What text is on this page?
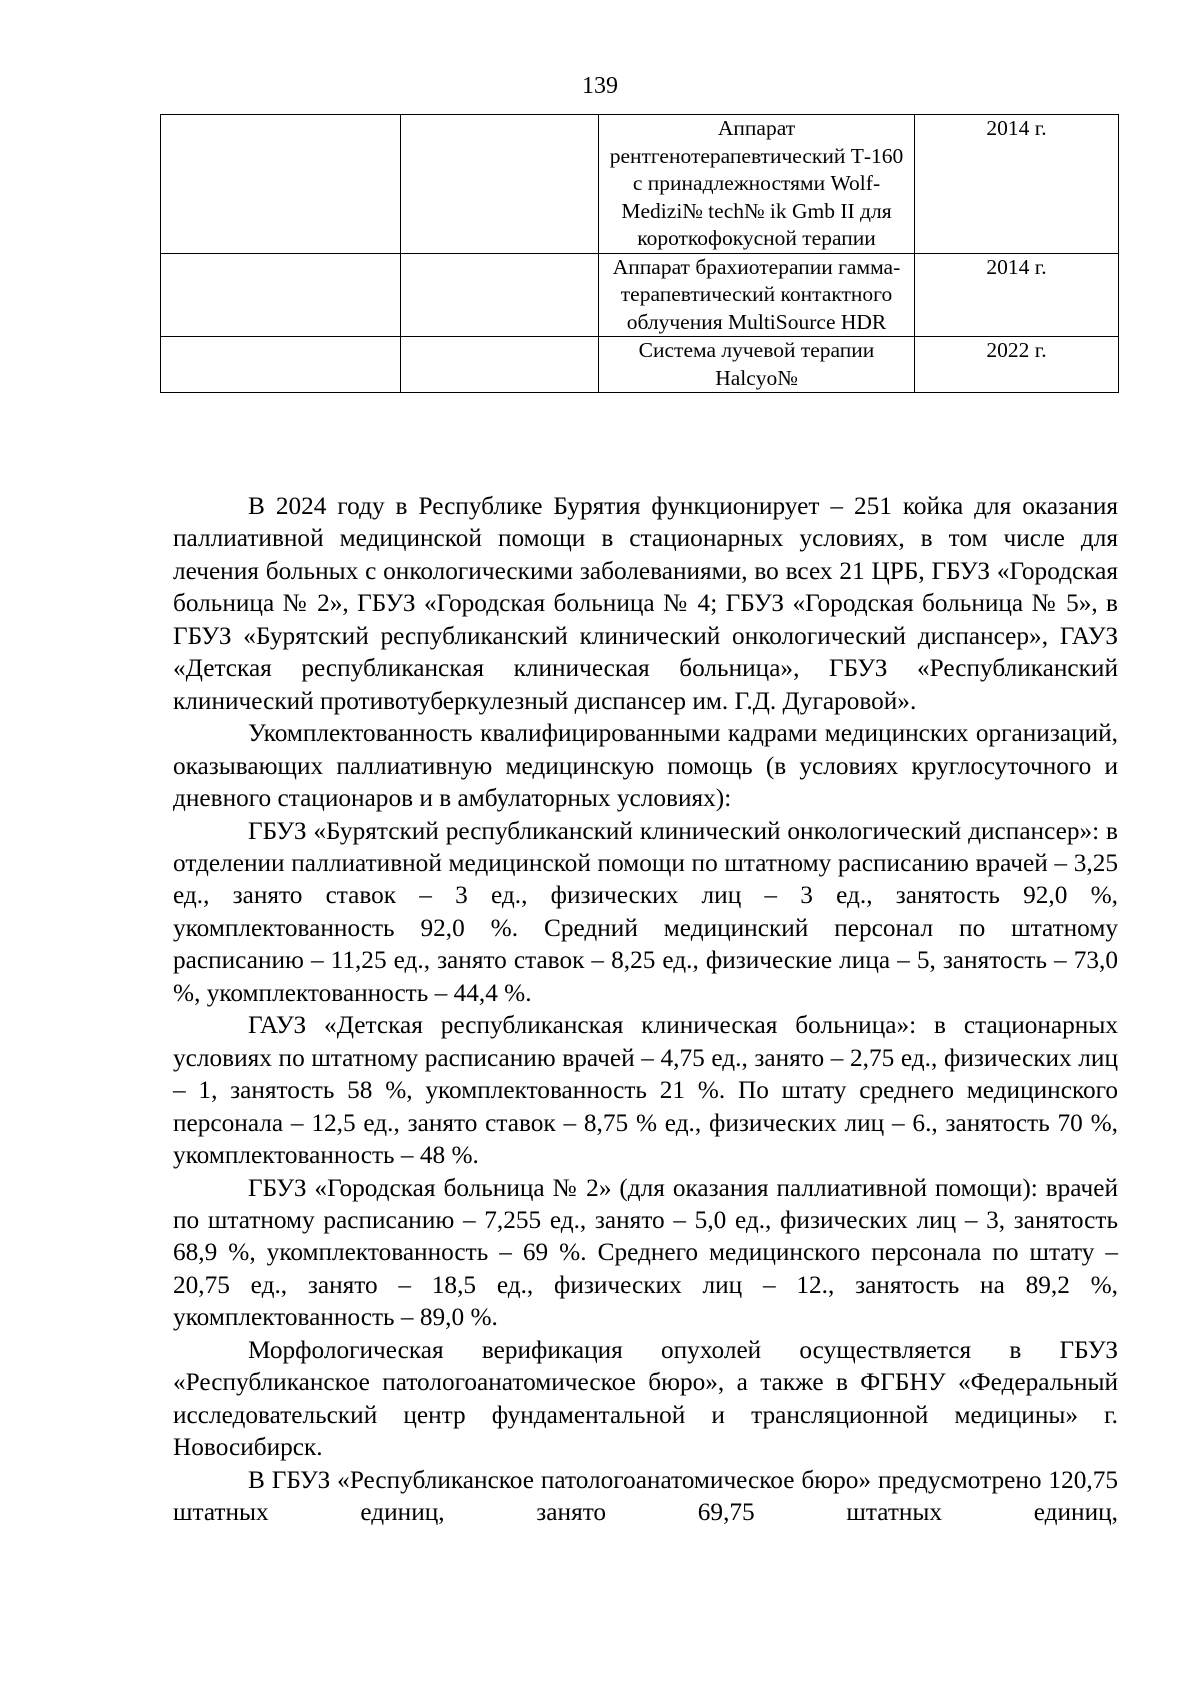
139
		Аппарат рентгенотерапевтический Т-160 с принадлежностями Wolf-Medizi№ tech№ ik Gmb II для короткофокусной терапии	2014 г.
		Аппарат брахиотерапии гамма-терапевтический контактного облучения MultiSource HDR	2014 г.
		Система лучевой терапии Halcyo№	2022 г.

В 2024 году в Республике Бурятия функционирует – 251 койка для оказания паллиативной медицинской помощи в стационарных условиях, в том числе для лечения больных с онкологическими заболеваниями, во всех 21 ЦРБ, ГБУЗ «Городская больница № 2», ГБУЗ «Городская больница № 4; ГБУЗ «Городская больница № 5», в ГБУЗ «Бурятский республиканский клинический онкологический диспансер», ГАУЗ «Детская республиканская клиническая больница», ГБУЗ «Республиканский клинический противотуберкулезный диспансер им. Г.Д. Дугаровой».

Укомплектованность квалифицированными кадрами медицинских организаций, оказывающих паллиативную медицинскую помощь (в условиях круглосуточного и дневного стационаров и в амбулаторных условиях):

ГБУЗ «Бурятский республиканский клинический онкологический диспансер»: в отделении паллиативной медицинской помощи по штатному расписанию врачей – 3,25 ед., занято ставок – 3 ед., физических лиц – 3 ед., занятость 92,0 %, укомплектованность 92,0 %. Средний медицинский персонал по штатному расписанию – 11,25 ед., занято ставок – 8,25 ед., физические лица – 5, занятость – 73,0 %, укомплектованность – 44,4 %.

ГАУЗ «Детская республиканская клиническая больница»: в стационарных условиях по штатному расписанию врачей – 4,75 ед., занято – 2,75 ед., физических лиц – 1, занятость 58 %, укомплектованность 21 %. По штату среднего медицинского персонала – 12,5 ед., занято ставок – 8,75 % ед., физических лиц – 6., занятость 70 %, укомплектованность – 48 %.

ГБУЗ «Городская больница № 2» (для оказания паллиативной помощи): врачей по штатному расписанию – 7,255 ед., занято – 5,0 ед., физических лиц – 3, занятость 68,9 %, укомплектованность – 69 %. Среднего медицинского персонала по штату – 20,75 ед., занято – 18,5 ед., физических лиц – 12., занятость на 89,2 %, укомплектованность – 89,0 %.

Морфологическая верификация опухолей осуществляется в ГБУЗ «Республиканское патологоанатомическое бюро», а также в ФГБНУ «Федеральный исследовательский центр фундаментальной и трансляционной медицины» г. Новосибирск.

В ГБУЗ «Республиканское патологоанатомическое бюро» предусмотрено 120,75 штатных единиц, занято 69,75 штатных единиц,
